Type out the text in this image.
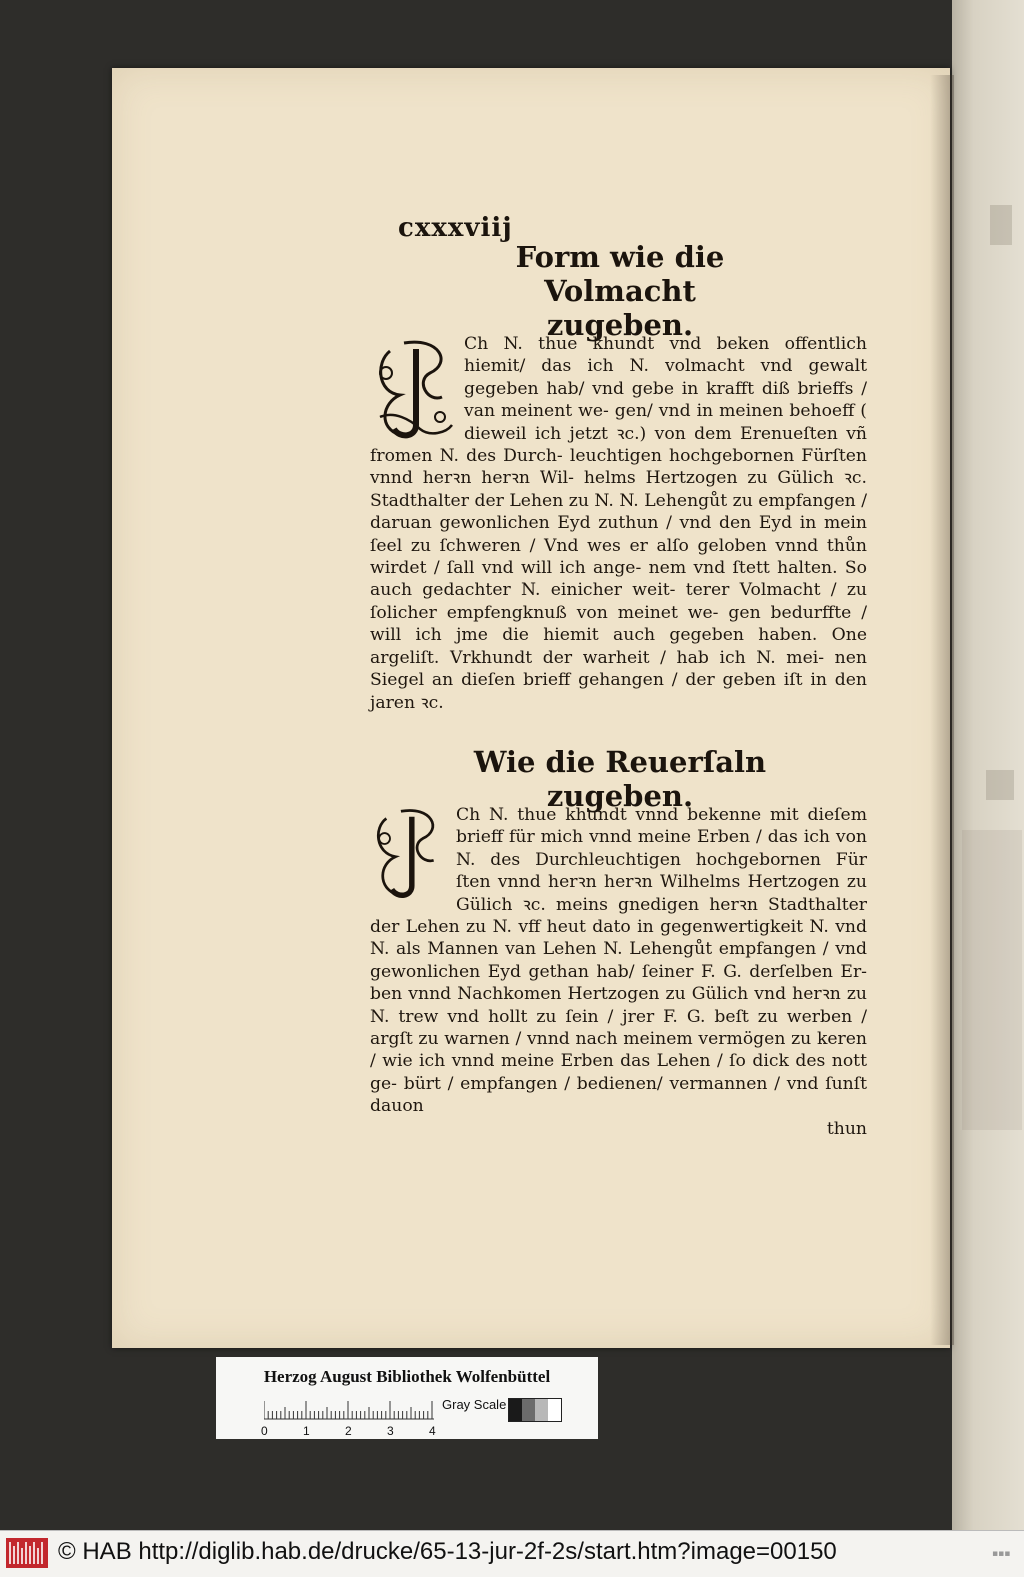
cxxxviij
Form wie die Volmacht
zugeben.

Ch N. thue khundt vnd beken offentlich hiemit/ das ich N. volmacht vnd gewalt gegeben hab/ vnd gebe in krafft diß brieffs / van meinent we- gen/ vnd in meinen behoeff ( dieweil ich jetzt ꝛc.) von dem Erenueſten vñ fromen N. des Durch- leuchtigen hochgebornen Fürſten vnnd herꝛn herꝛn Wil- helms Hertzogen zu Gülich ꝛc. Stadthalter der Lehen zu N. N. Lehengůt zu empfangen / daruan gewonlichen Eyd zuthun / vnd den Eyd in mein ſeel zu ſchweren / Vnd wes er alſo geloben vnnd thůn wirdet / ſall vnd will ich ange- nem vnd ſtett halten. So auch gedachter N. einicher weit- terer Volmacht / zu ſolicher empfengknuß von meinet we- gen bedurffte / will ich jme die hiemit auch gegeben haben. One argeliſt. Vrkhundt der warheit / hab ich N. mei- nen Siegel an dieſen brieff gehangen / der geben iſt in den jaren ꝛc.

Wie die Reuerſaln zugeben.

Ch N. thue khundt vnnd bekenne mit dieſem brieff für mich vnnd meine Erben / das ich von N. des Durchleuchtigen hochgebornen Für ſten vnnd herꝛn herꝛn Wilhelms Hertzogen zu Gülich ꝛc. meins gnedigen herꝛn Stadthalter der Lehen zu N. vff heut dato in gegenwertigkeit N. vnd N. als Mannen van Lehen N. Lehengůt empfangen / vnd gewonlichen Eyd gethan hab/ ſeiner F. G. derſelben Er- ben vnnd Nachkomen Hertzogen zu Gülich vnd herꝛn zu N. trew vnd hollt zu ſein / jrer F. G. beſt zu werben / argſt zu warnen / vnnd nach meinem vermögen zu keren / wie ich vnnd meine Erben das Lehen / ſo dick des nott ge- bürt / empfangen / bedienen/ vermannen / vnd ſunſt dauon

thun

Herzog August Bibliothek Wolfenbüttel
0	1	2	3	4
Gray Scale
© HAB http://diglib.hab.de/drucke/65-13-jur-2f-2s/start.htm?image=00150	▪▪▪
